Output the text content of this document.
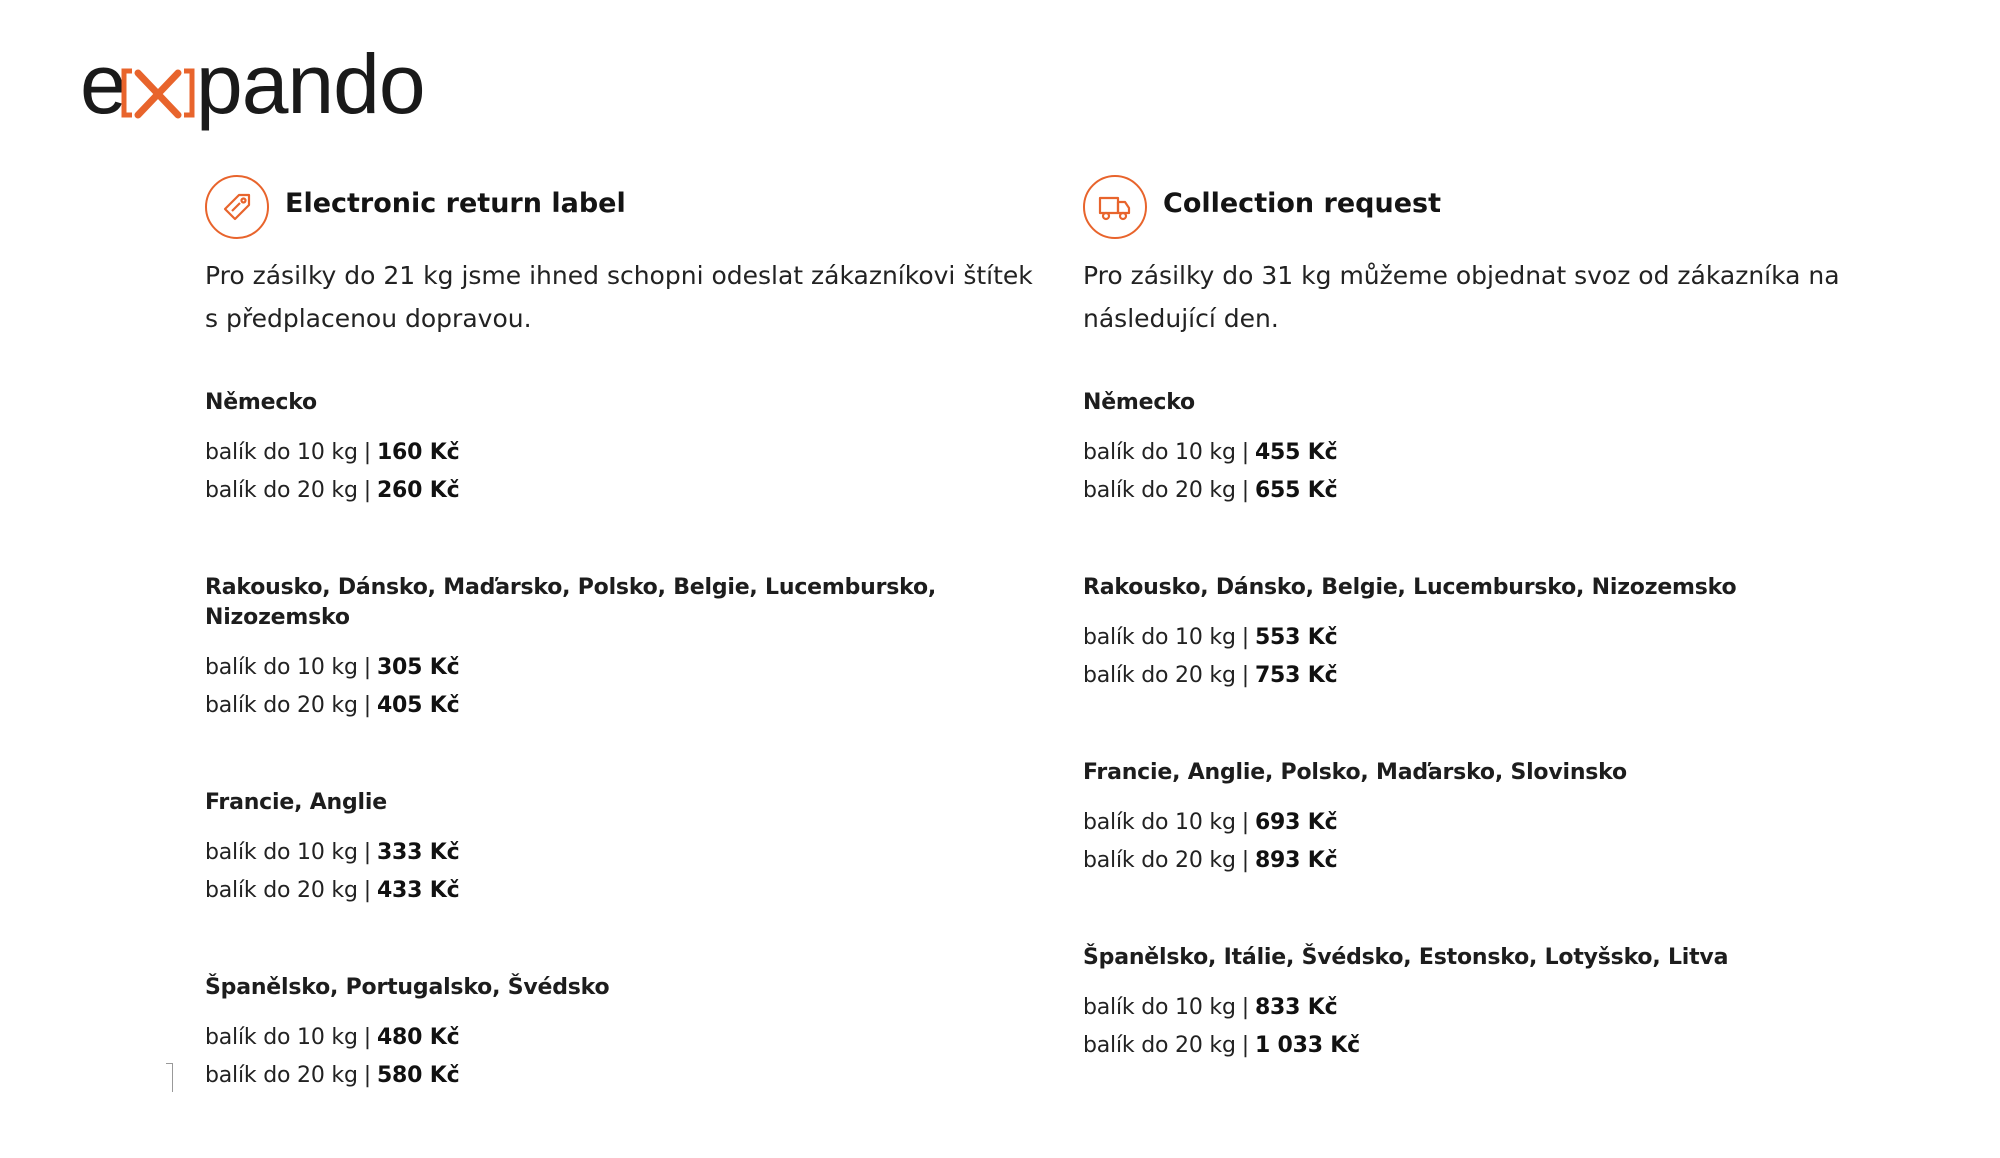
e pando
Electronic return label

Pro zásilky do 21 kg jsme ihned schopni odeslat zákazníkovi štítek s předplacenou dopravou.

Německo
balík do 10 kg | 160 Kč
balík do 20 kg | 260 Kč
Rakousko, Dánsko, Maďarsko, Polsko, Belgie, Lucembursko, Nizozemsko
balík do 10 kg | 305 Kč
balík do 20 kg | 405 Kč
Francie, Anglie
balík do 10 kg | 333 Kč
balík do 20 kg | 433 Kč
Španělsko, Portugalsko, Švédsko
balík do 10 kg | 480 Kč
balík do 20 kg | 580 Kč
Collection request

Pro zásilky do 31 kg můžeme objednat svoz od zákazníka na následující den.

Německo
balík do 10 kg | 455 Kč
balík do 20 kg | 655 Kč
Rakousko, Dánsko, Belgie, Lucembursko, Nizozemsko
balík do 10 kg | 553 Kč
balík do 20 kg | 753 Kč
Francie, Anglie, Polsko, Maďarsko, Slovinsko
balík do 10 kg | 693 Kč
balík do 20 kg | 893 Kč
Španělsko, Itálie, Švédsko, Estonsko, Lotyšsko, Litva
balík do 10 kg | 833 Kč
balík do 20 kg | 1 033 Kč
